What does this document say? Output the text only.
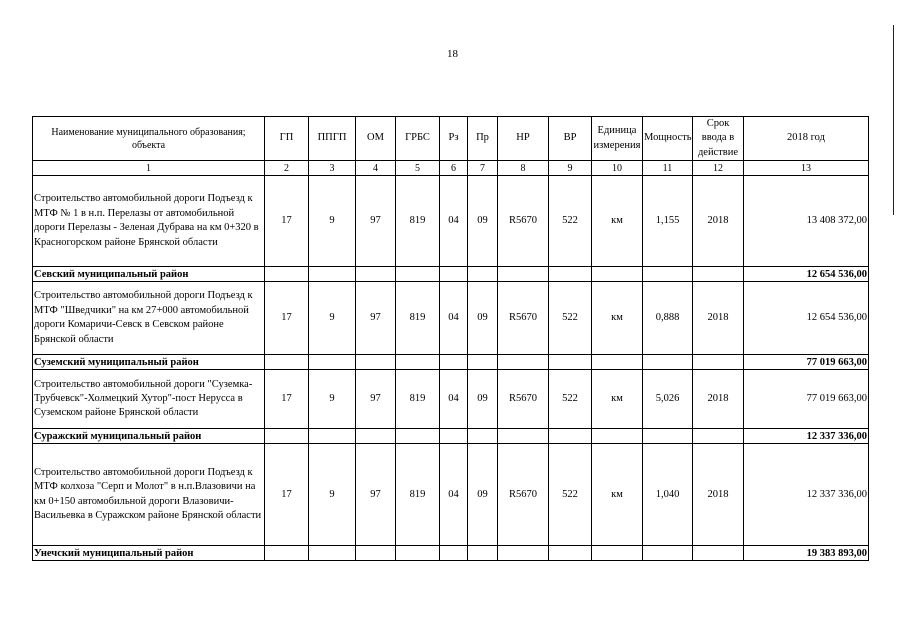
18
Наименование муниципального образования; объекта	ГП	ППГП	ОМ	ГРБС	Рз	Пр	НР	ВР	Единица измерения	Мощность	Срок ввода в действие	2018 год
1	2	3	4	5	6	7	8	9	10	11	12	13
Строительство автомобильной дороги Подъезд к МТФ № 1 в н.п. Перелазы от автомобильной дороги Перелазы - Зеленая Дубрава на км 0+320 в Красногорском районе Брянской области	17	9	97	819	04	09	R5670	522	км	1,155	2018	13 408 372,00
Севский муниципальный район												12 654 536,00
Строительство автомобильной дороги Подъезд к МТФ "Шведчики" на км 27+000 автомобильной дороги Комаричи-Севск в Севском районе Брянской области	17	9	97	819	04	09	R5670	522	км	0,888	2018	12 654 536,00
Суземский муниципальный район												77 019 663,00
Строительство автомобильной дороги "Суземка-Трубчевск"-Холмецкий Хутор"-пост Нерусса в Суземском районе Брянской области	17	9	97	819	04	09	R5670	522	км	5,026	2018	77 019 663,00
Суражский муниципальный район												12 337 336,00
Строительство автомобильной дороги Подъезд к МТФ колхоза "Серп и Молот" в н.п.Влазовичи на км 0+150 автомобильной дороги Влазовичи-Васильевка в Суражском районе Брянской области	17	9	97	819	04	09	R5670	522	км	1,040	2018	12 337 336,00
Унечский муниципальный район												19 383 893,00
